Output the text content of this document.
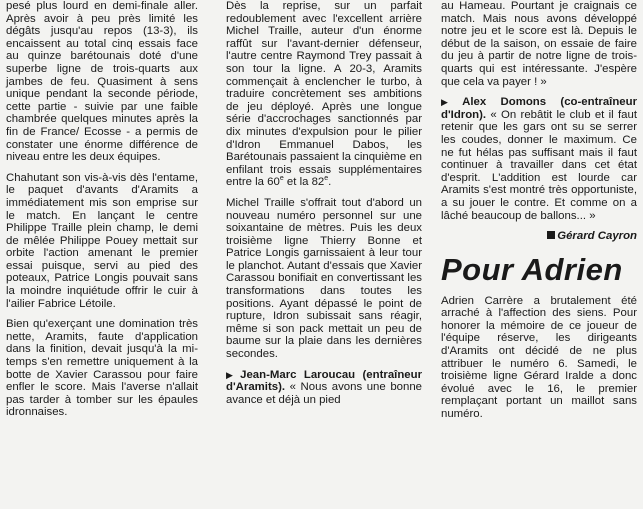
pesé plus lourd en demi-finale aller. Après avoir à peu près limité les dégâts jusqu'au repos (13-3), ils encaissent au total cinq essais face au quinze barétounais doté d'une superbe ligne de trois-quarts aux jambes de feu. Quasiment à sens unique pendant la seconde période, cette partie - suivie par une faible chambrée quelques minutes après la fin de France/ Ecosse - a permis de constater une énorme différence de niveau entre les deux équipes.

Chahutant son vis-à-vis dès l'entame, le paquet d'avants d'Aramits a immédiatement mis son emprise sur le match. En lançant le centre Philippe Traille plein champ, le demi de mêlée Philippe Pouey mettait sur orbite l'action amenant le premier essai puisque, servi au pied des poteaux, Patrice Longis pouvait sans la moindre inquiétude offrir le cuir à l'ailier Fabrice Létoile.

Bien qu'exerçant une domination très nette, Aramits, faute d'application dans la finition, devait jusqu'à la mi-temps s'en remettre uniquement à la botte de Xavier Carassou pour faire enfler le score. Mais l'averse n'allait pas tarder à tomber sur les épaules idronnaises.

Dès la reprise, sur un parfait redoublement avec l'excellent arrière Michel Traille, auteur d'un énorme raffût sur l'avant-dernier défenseur, l'autre centre Raymond Trey passait à son tour la ligne. A 20-3, Aramits commençait à enclencher le turbo, à traduire concrètement ses ambitions de jeu déployé. Après une longue série d'accrochages sanctionnés par dix minutes d'expulsion pour le pilier d'Idron Emmanuel Dabos, les Barétounais passaient la cinquième en enfilant trois essais supplémentaires entre la 60e et la 82e.

Michel Traille s'offrait tout d'abord un nouveau numéro personnel sur une soixantaine de mètres. Puis les deux troisième ligne Thierry Bonne et Patrice Longis garnissaient à leur tour le planchot. Autant d'essais que Xavier Carassou bonifiait en convertissant les transformations dans toutes les positions. Ayant dépassé le point de rupture, Idron subissait sans réagir, même si son pack mettait un peu de baume sur la plaie dans les dernières secondes.

▶ Jean-Marc Laroucau (entraîneur d'Aramits). « Nous avons une bonne avance et déjà un pied

au Hameau. Pourtant je craignais ce match. Mais nous avons développé notre jeu et le score est là. Depuis le début de la saison, on essaie de faire du jeu à partir de notre ligne de trois-quarts qui est intéressante. J'espère que cela va payer ! »

▶ Alex Domons (co-entraîneur d'Idron). « On rebâtit le club et il faut retenir que les gars ont su se serrer les coudes, donner le maximum. Ce ne fut hélas pas suffisant mais il faut continuer à travailler dans cet état d'esprit. L'addition est lourde car Aramits s'est montré très opportuniste, a su jouer le contre. Et comme on a lâché beaucoup de ballons... »

Gérard Cayron
Pour Adrien

Adrien Carrère a brutalement été arraché à l'affection des siens. Pour honorer la mémoire de ce joueur de l'équipe réserve, les dirigeants d'Aramits ont décidé de ne plus attribuer le numéro 6. Samedi, le troisième ligne Gérard Iralde a donc évolué avec le 16, le premier remplaçant portant un maillot sans numéro.
